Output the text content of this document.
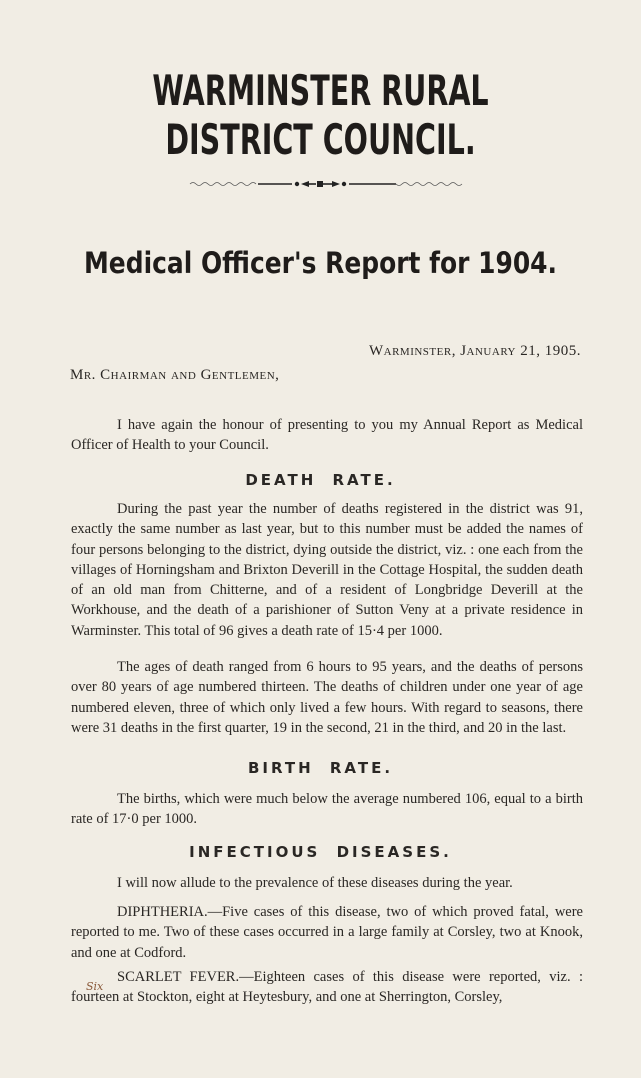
WARMINSTER RURAL DISTRICT COUNCIL.
Medical Officer's Report for 1904.
Warminster, January 21, 1905.
Mr. Chairman and Gentlemen,
I have again the honour of presenting to you my Annual Report as Medical Officer of Health to your Council.
DEATH RATE.
During the past year the number of deaths registered in the district was 91, exactly the same number as last year, but to this number must be added the names of four persons belonging to the district, dying outside the district, viz. : one each from the villages of Horningsham and Brixton Deverill in the Cottage Hospital, the sudden death of an old man from Chitterne, and of a resident of Longbridge Deverill at the Workhouse, and the death of a parishioner of Sutton Veny at a private residence in Warminster. This total of 96 gives a death rate of 15·4 per 1000.
The ages of death ranged from 6 hours to 95 years, and the deaths of persons over 80 years of age numbered thirteen. The deaths of children under one year of age numbered eleven, three of which only lived a few hours. With regard to seasons, there were 31 deaths in the first quarter, 19 in the second, 21 in the third, and 20 in the last.
BIRTH RATE.
The births, which were much below the average numbered 106, equal to a birth rate of 17·0 per 1000.
INFECTIOUS DISEASES.
I will now allude to the prevalence of these diseases during the year.
DIPHTHERIA.—Five cases of this disease, two of which proved fatal, were reported to me. Two of these cases occurred in a large family at Corsley, two at Knook, and one at Codford.
SCARLET FEVER.—Eighteen cases of this disease were reported, viz. : fourteen at Stockton, eight at Heytesbury, and one at Sherrington, Corsley,
Six
